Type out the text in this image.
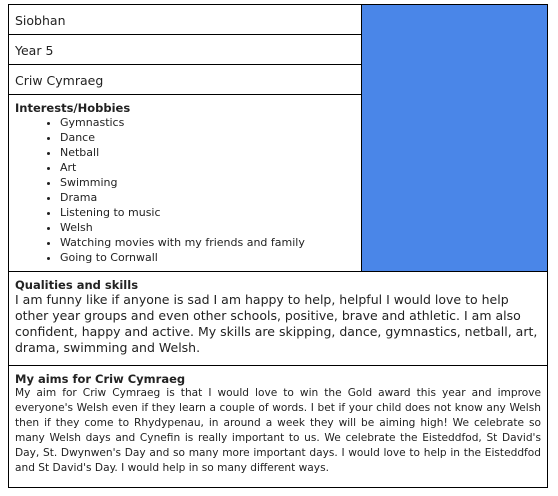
Siobhan
Year 5
Criw Cymraeg

Interests/Hobbies

• Gymnastics
• Dance
• Netball
• Art
• Swimming
• Drama
• Listening to music
• Welsh
• Watching movies with my friends and family
• Going to Cornwall

Qualities and skills

I am funny like if anyone is sad I am happy to help, helpful I would love to help other year groups and even other schools, positive, brave and athletic. I am also confident, happy and active. My skills are skipping, dance, gymnastics, netball, art, drama, swimming and Welsh.

My aims for Criw Cymraeg

My aim for Criw Cymraeg is that I would love to win the Gold award this year and improve everyone's Welsh even if they learn a couple of words. I bet if your child does not know any Welsh then if they come to Rhydypenau, in around a week they will be aiming high! We celebrate so many Welsh days and Cynefin is really important to us. We celebrate the Eisteddfod, St David's Day, St. Dwynwen's Day and so many more important days. I would love to help in the Eisteddfod and St David's Day. I would help in so many different ways.
